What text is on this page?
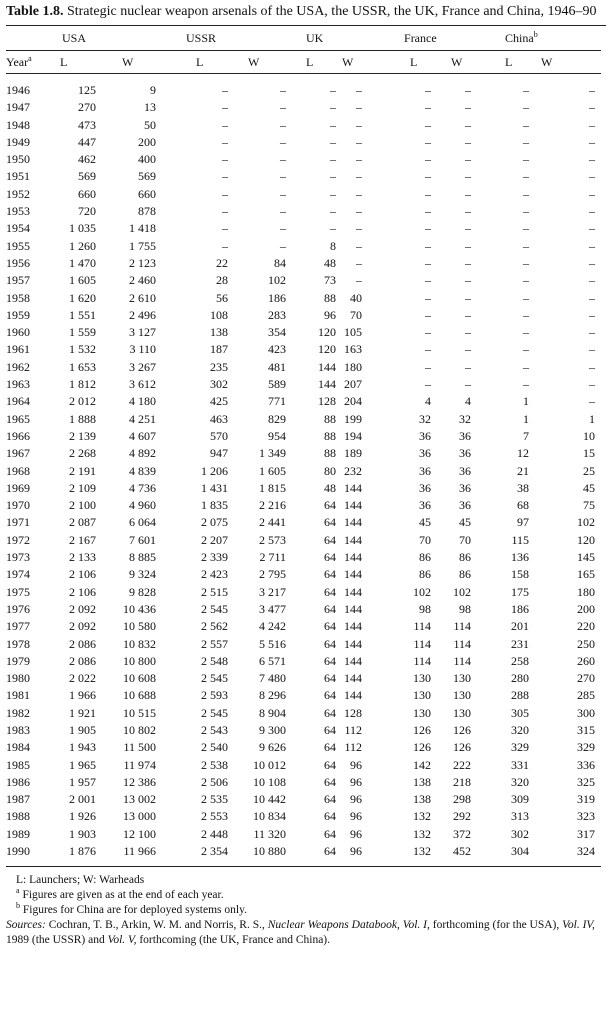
Table 1.8. Strategic nuclear weapon arsenals of the USA, the USSR, the UK, France and China, 1946–90
	USA		USSR		UK		France		China$^b$
Year$^a$	L	W	L	W	L	W	L	W	L	W

1946	125	9	–	–	–	–	–	–	–	–
1947	270	13	–	–	–	–	–	–	–	–
1948	473	50	–	–	–	–	–	–	–	–
1949	447	200	–	–	–	–	–	–	–	–
1950	462	400	–	–	–	–	–	–	–	–
1951	569	569	–	–	–	–	–	–	–	–
1952	660	660	–	–	–	–	–	–	–	–
1953	720	878	–	–	–	–	–	–	–	–
1954	1 035	1 418	–	–	–	–	–	–	–	–
1955	1 260	1 755	–	–	8	–	–	–	–	–
1956	1 470	2 123	22	84	48	–	–	–	–	–
1957	1 605	2 460	28	102	73	–	–	–	–	–
1958	1 620	2 610	56	186	88	40	–	–	–	–
1959	1 551	2 496	108	283	96	70	–	–	–	–
1960	1 559	3 127	138	354	120	105	–	–	–	–
1961	1 532	3 110	187	423	120	163	–	–	–	–
1962	1 653	3 267	235	481	144	180	–	–	–	–
1963	1 812	3 612	302	589	144	207	–	–	–	–
1964	2 012	4 180	425	771	128	204	4	4	1	–
1965	1 888	4 251	463	829	88	199	32	32	1	1
1966	2 139	4 607	570	954	88	194	36	36	7	10
1967	2 268	4 892	947	1 349	88	189	36	36	12	15
1968	2 191	4 839	1 206	1 605	80	232	36	36	21	25
1969	2 109	4 736	1 431	1 815	48	144	36	36	38	45
1970	2 100	4 960	1 835	2 216	64	144	36	36	68	75
1971	2 087	6 064	2 075	2 441	64	144	45	45	97	102
1972	2 167	7 601	2 207	2 573	64	144	70	70	115	120
1973	2 133	8 885	2 339	2 711	64	144	86	86	136	145
1974	2 106	9 324	2 423	2 795	64	144	86	86	158	165
1975	2 106	9 828	2 515	3 217	64	144	102	102	175	180
1976	2 092	10 436	2 545	3 477	64	144	98	98	186	200
1977	2 092	10 580	2 562	4 242	64	144	114	114	201	220
1978	2 086	10 832	2 557	5 516	64	144	114	114	231	250
1979	2 086	10 800	2 548	6 571	64	144	114	114	258	260
1980	2 022	10 608	2 545	7 480	64	144	130	130	280	270
1981	1 966	10 688	2 593	8 296	64	144	130	130	288	285
1982	1 921	10 515	2 545	8 904	64	128	130	130	305	300
1983	1 905	10 802	2 543	9 300	64	112	126	126	320	315
1984	1 943	11 500	2 540	9 626	64	112	126	126	329	329
1985	1 965	11 974	2 538	10 012	64	96	142	222	331	336
1986	1 957	12 386	2 506	10 108	64	96	138	218	320	325
1987	2 001	13 002	2 535	10 442	64	96	138	298	309	319
1988	1 926	13 000	2 553	10 834	64	96	132	292	313	323
1989	1 903	12 100	2 448	11 320	64	96	132	372	302	317
1990	1 876	11 966	2 354	10 880	64	96	132	452	304	324

L: Launchers; W: Warheads

$^a$ Figures are given as at the end of each year.

$^b$ Figures for China are for deployed systems only.

Sources: Cochran, T. B., Arkin, W. M. and Norris, R. S., Nuclear Weapons Databook, Vol. I, forthcoming (for the USA), Vol. IV, 1989 (the USSR) and Vol. V, forthcoming (the UK, France and China).
